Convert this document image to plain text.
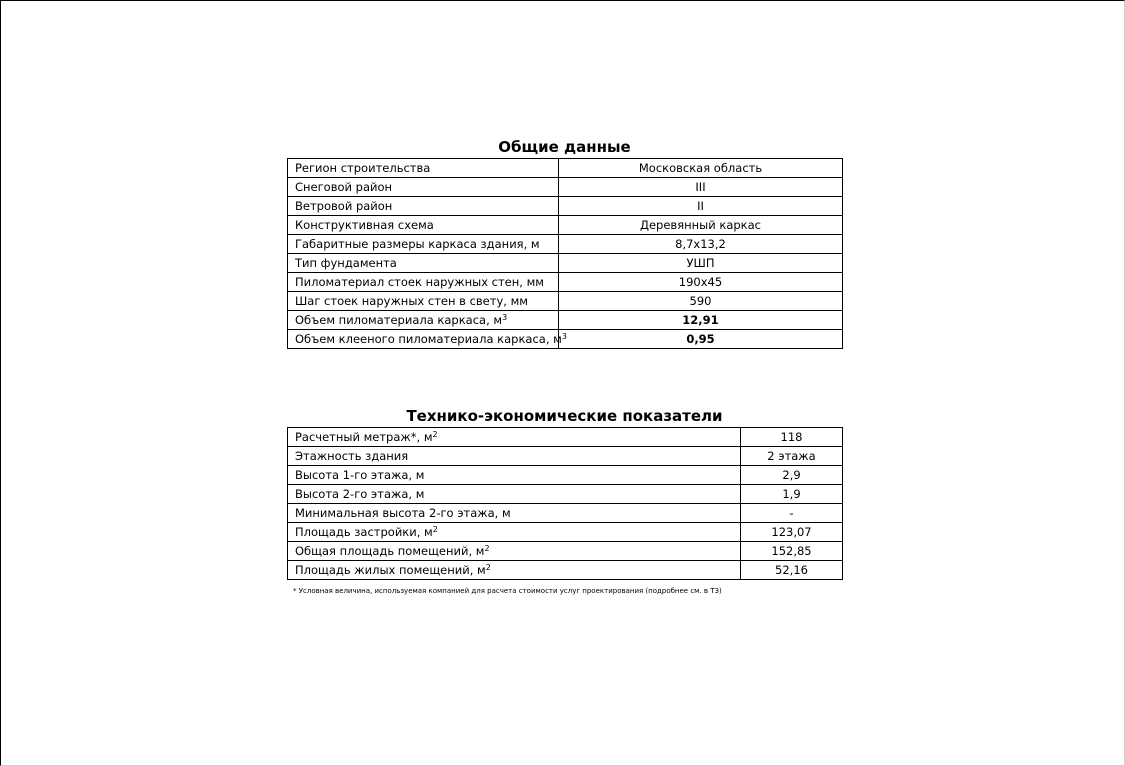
Общие данные
Регион строительства	Московская область
Снеговой район	III
Ветровой район	II
Конструктивная схема	Деревянный каркас
Габаритные размеры каркаса здания, м	8,7x13,2
Тип фундамента	УШП
Пиломатериал стоек наружных стен, мм	190x45
Шаг стоек наружных стен в свету, мм	590
Объем пиломатериала каркаса, $м^3$	12,91
Объем клееного пиломатериала каркаса, $м^3$	0,95
Технико-экономические показатели
Расчетный метраж*, $м^2$	118
Этажность здания	2 этажа
Высота 1-го этажа, м	2,9
Высота 2-го этажа, м	1,9
Минимальная высота 2-го этажа, м	-
Площадь застройки, $м^2$	123,07
Общая площадь помещений, $м^2$	152,85
Площадь жилых помещений, $м^2$	52,16
* Условная величина, используемая компанией для расчета стоимости услуг проектирования (подробнее см. в ТЗ)
